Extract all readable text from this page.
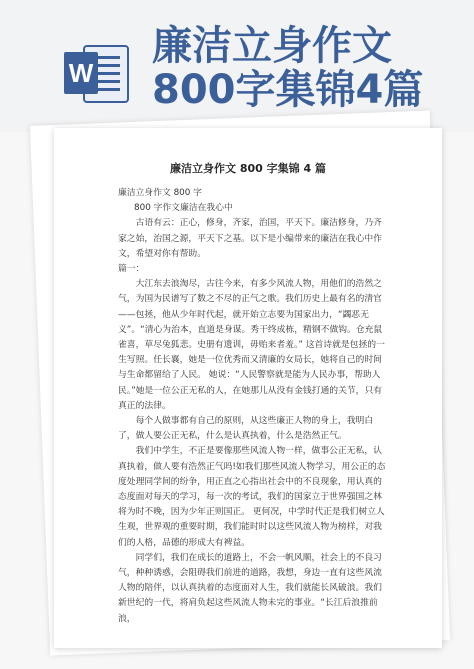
W
廉洁立身作文800字集锦4篇
廉洁立身作文 800 字集锦 4 篇

廉洁立身作文 800 字

800 字作文廉洁在我心中

古语有云：正心，修身，齐家，治国，平天下。廉洁修身，乃齐家之始，治国之源，平天下之基。以下是小编带来的廉洁在我心中作文，希望对你有帮助。

篇一：

大江东去浪淘尽，古往今来，有多少风流人物，用他们的浩然之气，为国为民谱写了数之不尽的正气之歌。我们历史上最有名的清官——包拯，他从少年时代起，就开始立志要为国家出力，“蠲恶无义”。“清心为治本，直道是身谋。秀干终成栋，精钢不做钩。仓充鼠雀喜，草尽兔狐悲。史册有遗训，毋贻来者羞。” 这首诗就是包拯的一生写照。任长襄，她是一位优秀而又清廉的女局长，她将自己的时间与生命都留给了人民。 她说：“人民警察就是能为人民办事，帮助人民。”她是一位公正无私的人，在她那儿从没有金钱打通的关节，只有真正的法律。

每个人做事都有自己的原则，从这些廉正人物的身上，我明白了，做人要公正无私，什么是认真执着，什么是浩然正气。

我们中学生，不正是要像那些风流人物一样，做事公正无私，认真执着，做人要有浩然正气吗!如我们那些风流人物学习，用公正的态度处理同学间的纷争，用正直之心指出社会中的不良现象，用认真的态度面对每天的学习，每一次的考试，我们的国家立于世界强国之林将为时不晚，因为少年正则国正。 更何况，中学时代正是我们树立人生观，世界观的重要时期，我们能时时以这些风流人物为榜样，对我们的人格，品德的形成大有裨益。

同学们，我们在成长的道路上，不会一帆风顺，社会上的不良习气，种种诱惑，会阻碍我们前进的道路，我想，身边一直有这些风流人物的陪伴，以认真执着的态度面对人生，我们就能长风破浪。我们新世纪的一代，将肩负起这些风流人物未完的事业。“长江后浪推前浪，
